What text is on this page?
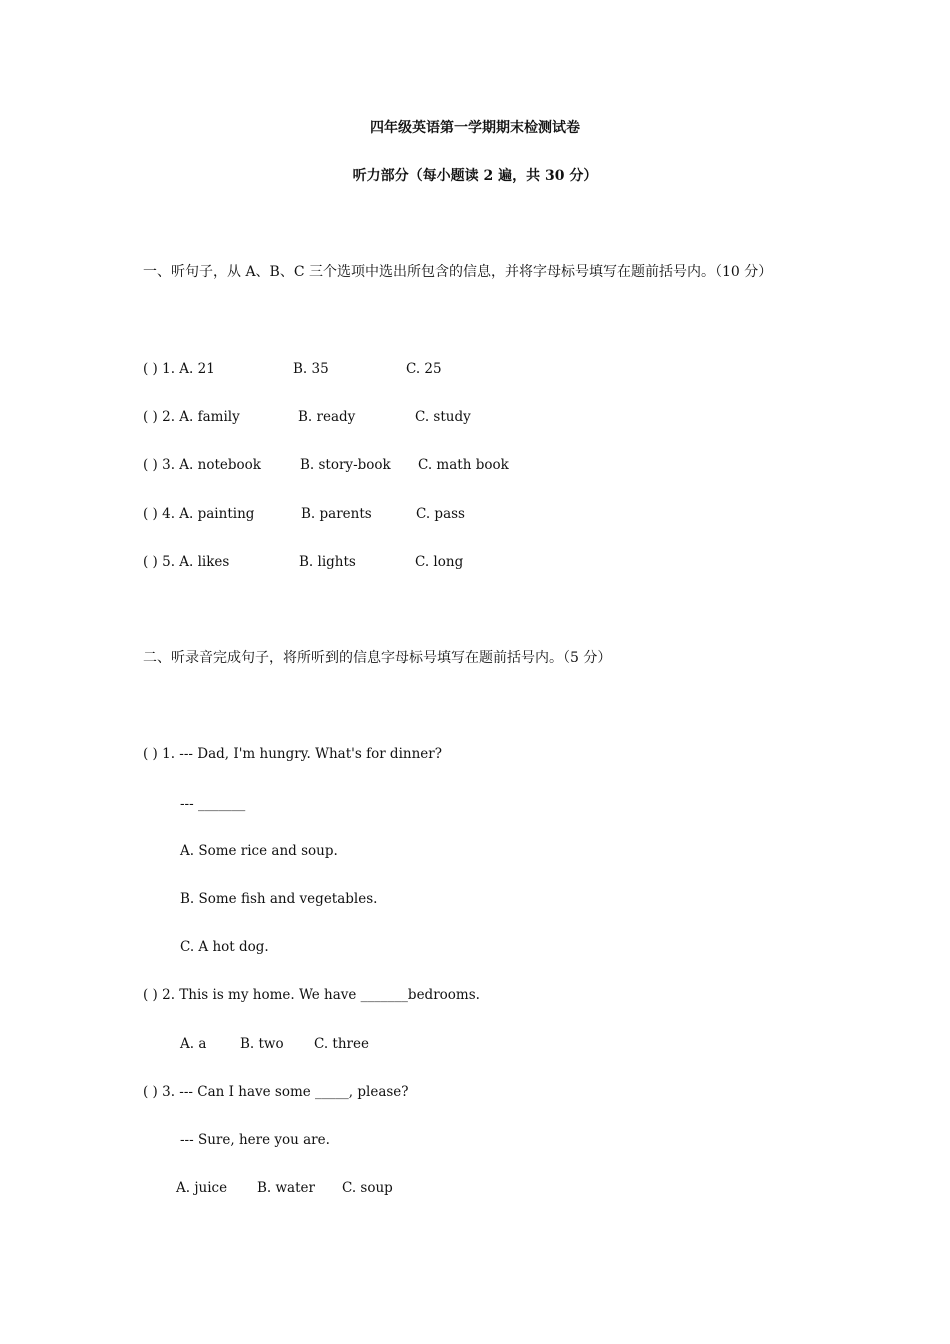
四年级英语第一学期期末检测试卷
听力部分（每小题读 2 遍，共 30 分）
一、听句子，从 A、B、C 三个选项中选出所包含的信息，并将字母标号填写在题前括号内。（10 分）
( ) 1. A. 21	B. 35	C. 25
( ) 2. A. family	B. ready	C. study
( ) 3. A. notebook	B. story-book C. math book
( ) 4. A. painting	B. parents	C. pass
( ) 5. A. likes	B. lights	C. long
二、听录音完成句子，将所听到的信息字母标号填写在题前括号内。（5 分）
( ) 1. --- Dad, I'm hungry. What's for dinner?
--- _______
A. Some rice and soup.
B. Some fish and vegetables.
C. A hot dog.
( ) 2. This is my home. We have _______bedrooms.
A. a B. two C. three
( ) 3. --- Can I have some _____, please?
--- Sure, here you are.
A. juice B. water C. soup
